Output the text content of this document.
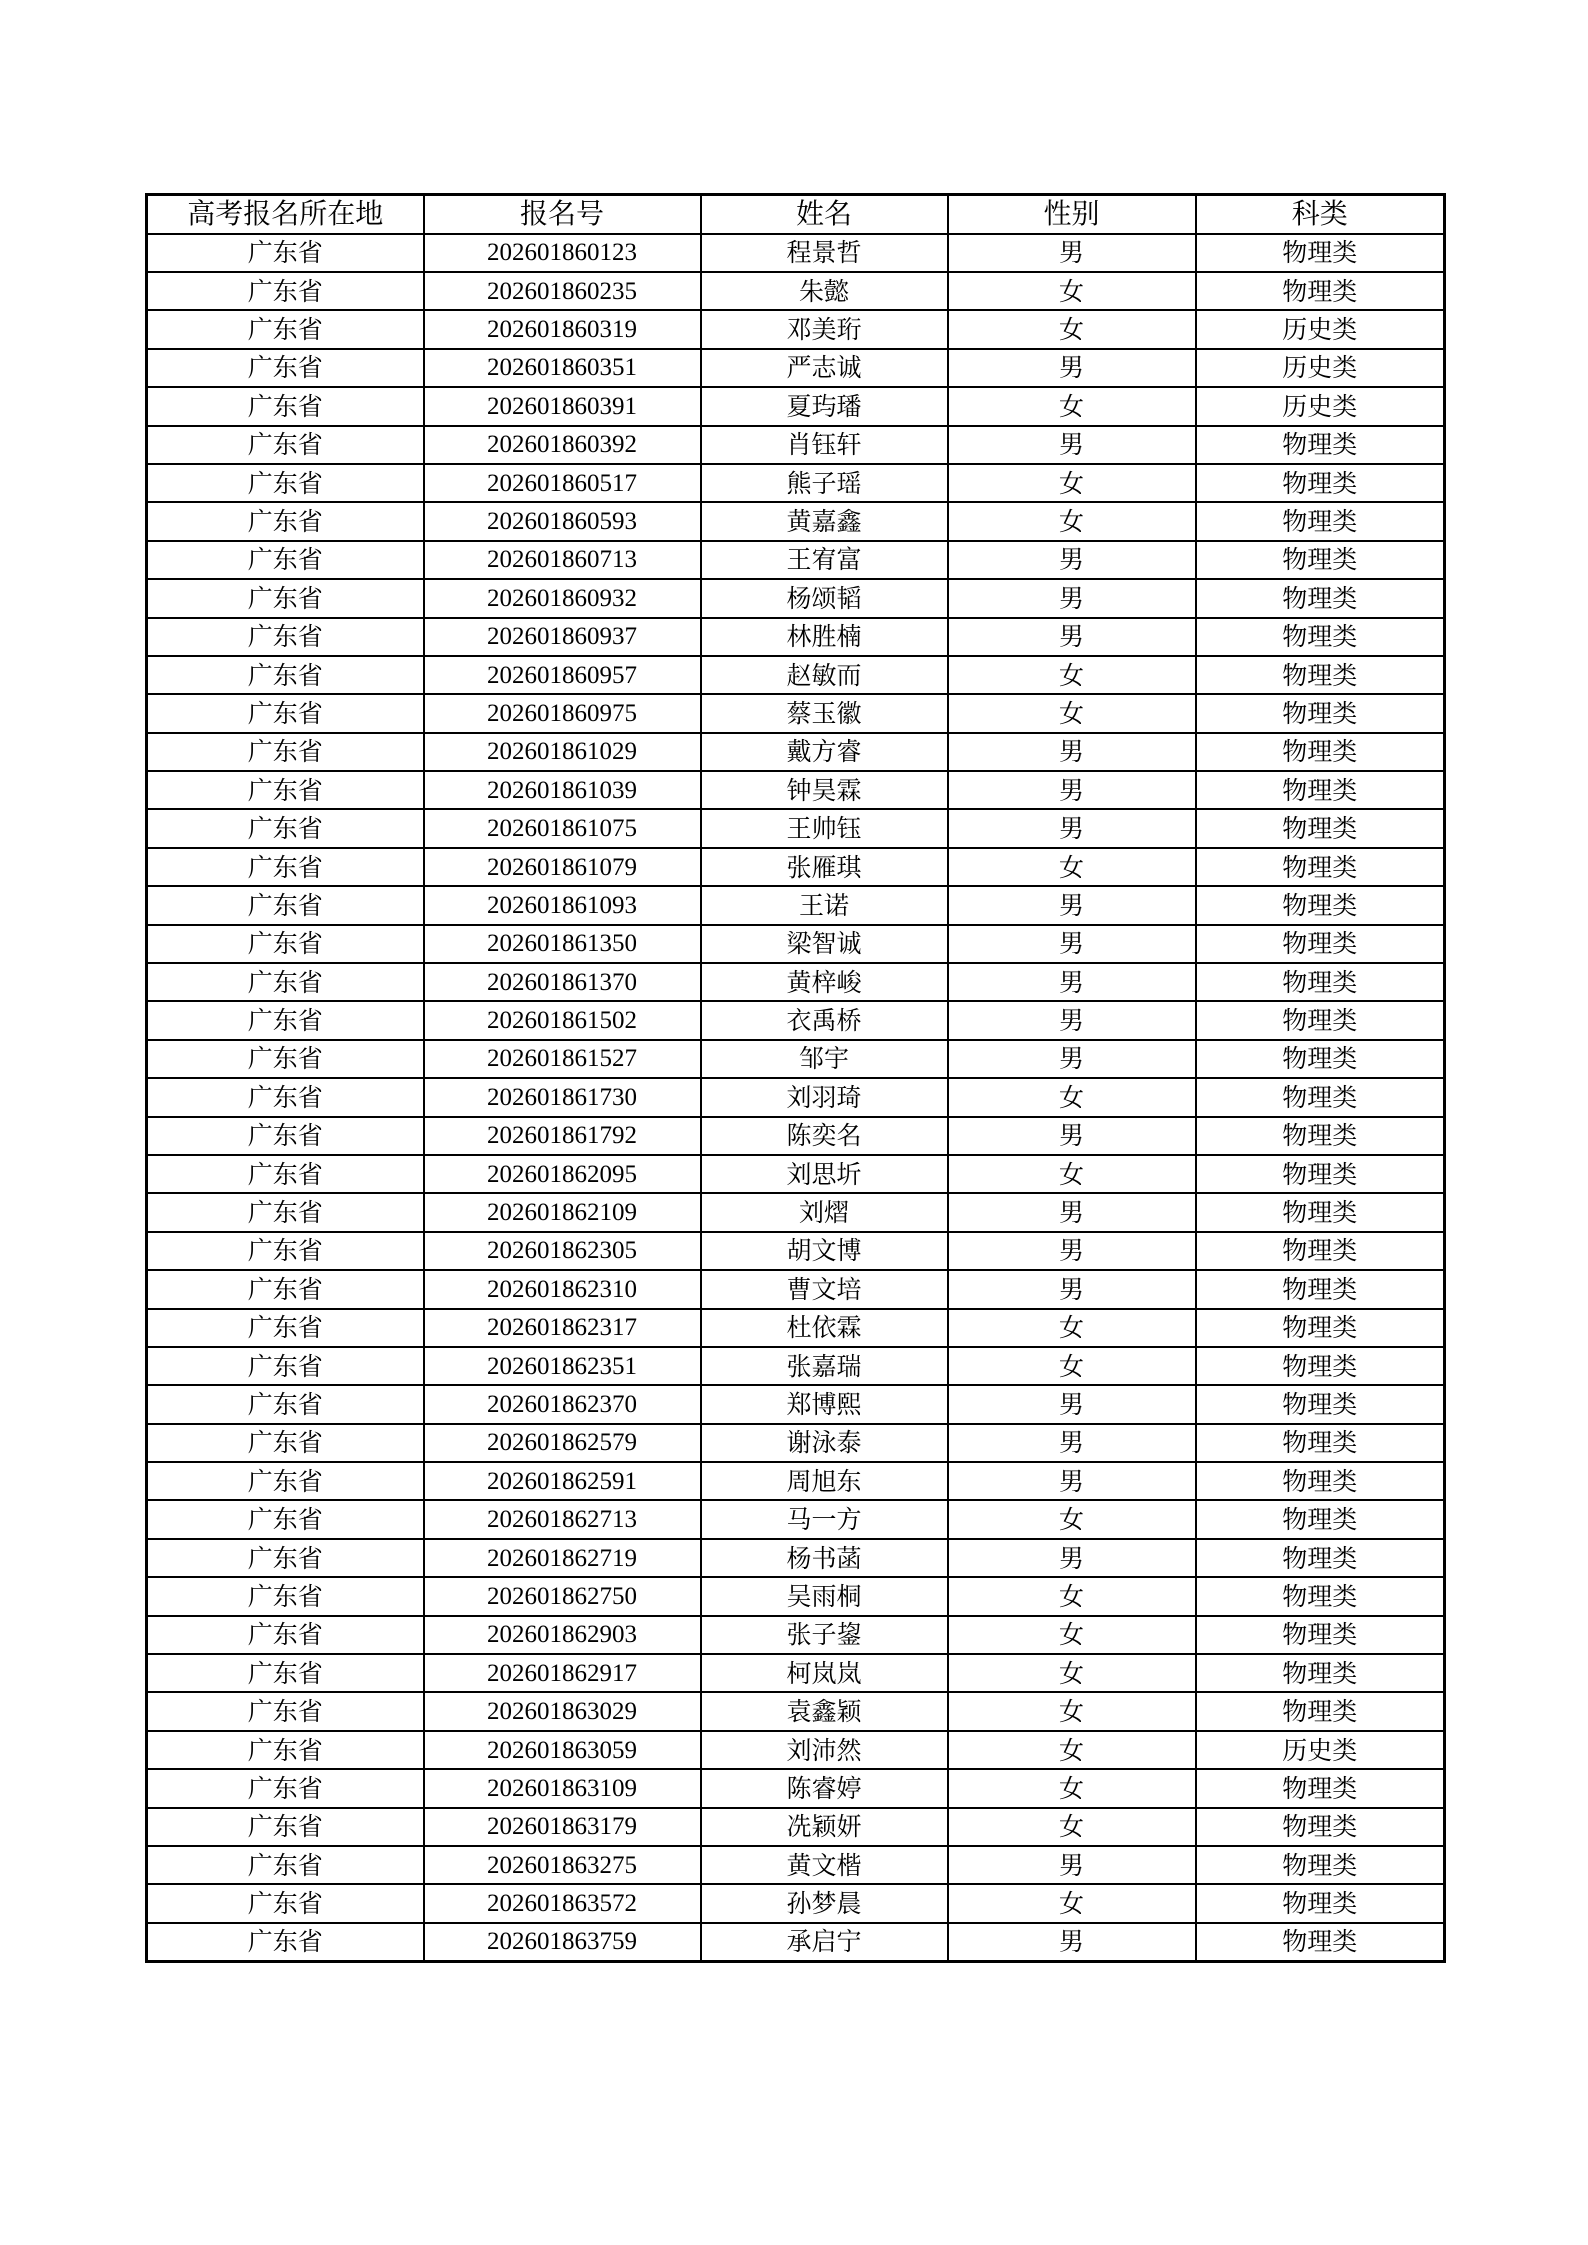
高考报名所在地	报名号	姓名	性别	科类
广东省	202601860123	程景哲	男	物理类
广东省	202601860235	朱懿	女	物理类
广东省	202601860319	邓美珩	女	历史类
广东省	202601860351	严志诚	男	历史类
广东省	202601860391	夏玙璠	女	历史类
广东省	202601860392	肖钰轩	男	物理类
广东省	202601860517	熊子瑶	女	物理类
广东省	202601860593	黄嘉鑫	女	物理类
广东省	202601860713	王宥富	男	物理类
广东省	202601860932	杨颂韬	男	物理类
广东省	202601860937	林胜楠	男	物理类
广东省	202601860957	赵敏而	女	物理类
广东省	202601860975	蔡玉徽	女	物理类
广东省	202601861029	戴方睿	男	物理类
广东省	202601861039	钟昊霖	男	物理类
广东省	202601861075	王帅钰	男	物理类
广东省	202601861079	张雁琪	女	物理类
广东省	202601861093	王诺	男	物理类
广东省	202601861350	梁智诚	男	物理类
广东省	202601861370	黄梓峻	男	物理类
广东省	202601861502	衣禹桥	男	物理类
广东省	202601861527	邹宇	男	物理类
广东省	202601861730	刘羽琦	女	物理类
广东省	202601861792	陈奕名	男	物理类
广东省	202601862095	刘思圻	女	物理类
广东省	202601862109	刘熠	男	物理类
广东省	202601862305	胡文博	男	物理类
广东省	202601862310	曹文培	男	物理类
广东省	202601862317	杜依霖	女	物理类
广东省	202601862351	张嘉瑞	女	物理类
广东省	202601862370	郑博熙	男	物理类
广东省	202601862579	谢泳泰	男	物理类
广东省	202601862591	周旭东	男	物理类
广东省	202601862713	马一方	女	物理类
广东省	202601862719	杨书菡	男	物理类
广东省	202601862750	吴雨桐	女	物理类
广东省	202601862903	张子鋆	女	物理类
广东省	202601862917	柯岚岚	女	物理类
广东省	202601863029	袁鑫颖	女	物理类
广东省	202601863059	刘沛然	女	历史类
广东省	202601863109	陈睿婷	女	物理类
广东省	202601863179	冼颖妍	女	物理类
广东省	202601863275	黄文楷	男	物理类
广东省	202601863572	孙梦晨	女	物理类
广东省	202601863759	承启宁	男	物理类
